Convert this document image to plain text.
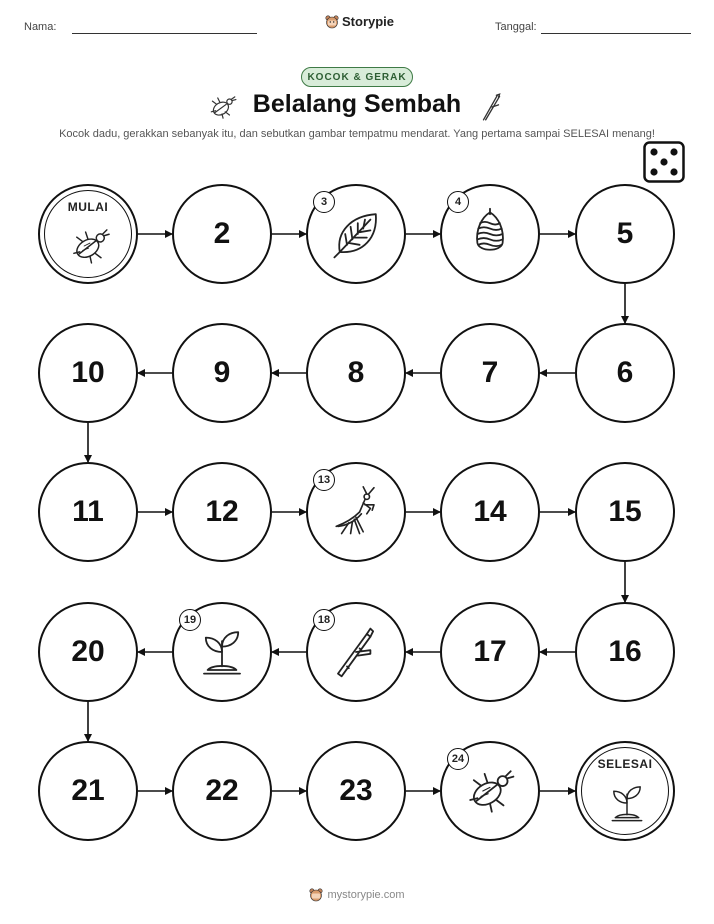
Nama:	Storypie	Tanggal:
KOCOK & GERAK
Belalang Sembah
Kocok dadu, gerakkan sebanyak itu, dan sebutkan gambar tempatmu mendarat. Yang pertama sampai SELESAI menang!
MULAI
2
3	4
5
6
7
8
9
10
11	12
13
14	15
16
17
18
19
20
21	22	23
24	SELESAI
mystorypie.com
